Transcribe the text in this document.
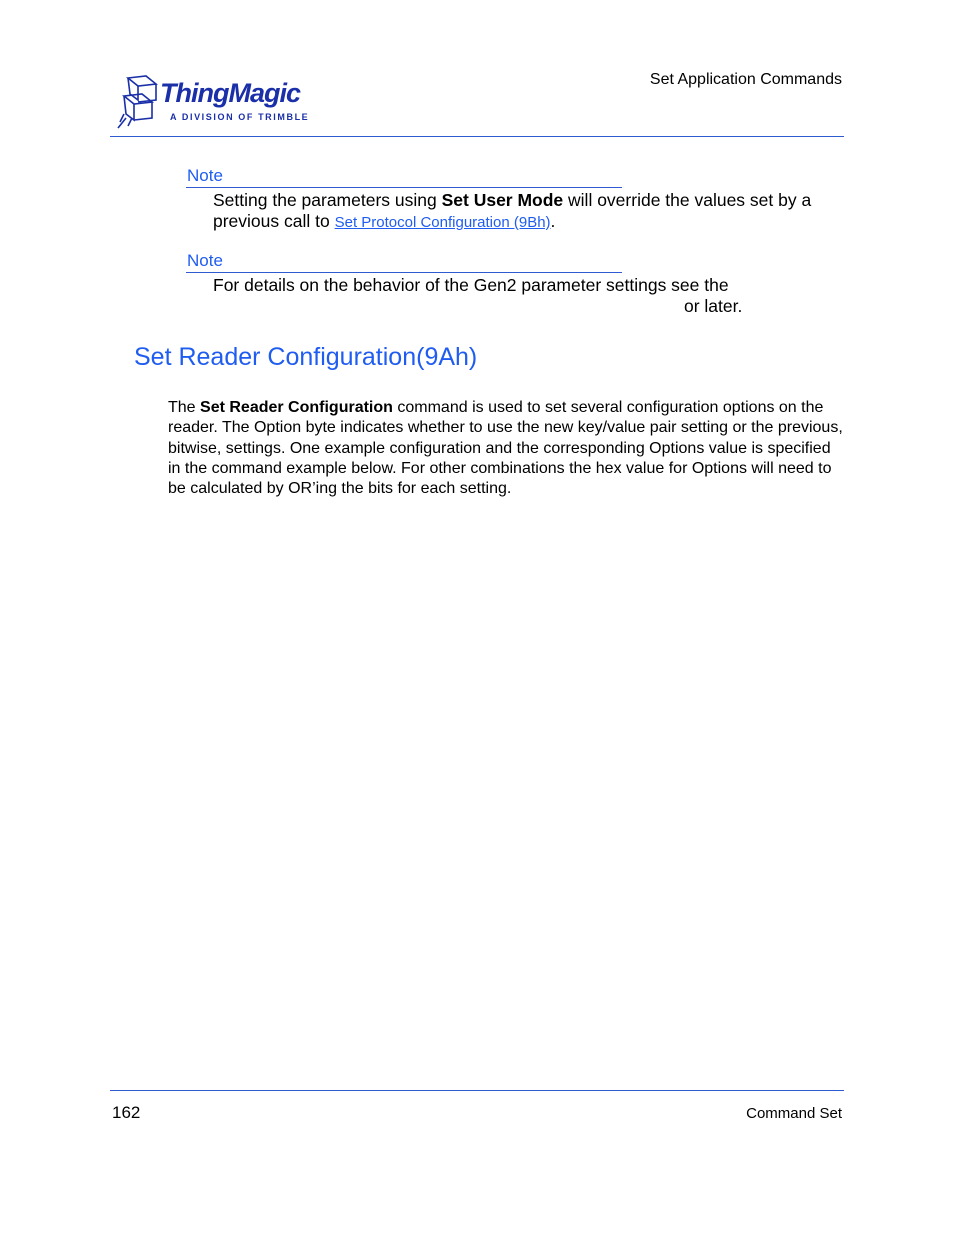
ThingMagic
A DIVISION OF TRIMBLE
Set Application Commands
Note
Setting the parameters using Set User Mode will override the values set by a previous call to Set Protocol Configuration (9Bh).
Note
For details on the behavior of the Gen2 parameter settings see the
or later.
Set Reader Configuration(9Ah)
The Set Reader Configuration command is used to set several configuration options on the reader. The Option byte indicates whether to use the new key/value pair setting or the previous, bitwise, settings. One example configuration and the corresponding Options value is specified in the command example below. For other combinations the hex value for Options will need to be calculated by OR’ing the bits for each setting.
162	Command Set
